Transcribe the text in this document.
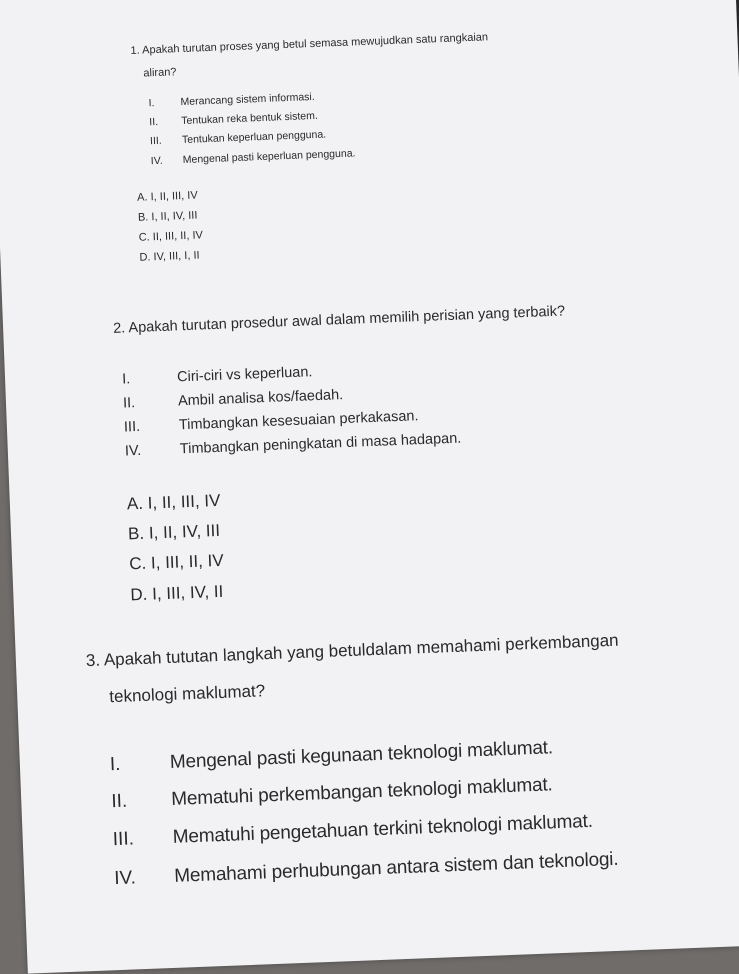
1. Apakah turutan proses yang betul semasa mewujudkan satu rangkaian
aliran?
I. Merancang sistem informasi.
II. Tentukan reka bentuk sistem.
III. Tentukan keperluan pengguna.
IV. Mengenal pasti keperluan pengguna.
A. I, II, III, IV
B. I, II, IV, III
C. II, III, II, IV
D. IV, III, I, II
2. Apakah turutan prosedur awal dalam memilih perisian yang terbaik?
I.	Ciri-ciri vs keperluan.
II.	Ambil analisa kos/faedah.
III.	Timbangkan kesesuaian perkakasan.
IV.	Timbangkan peningkatan di masa hadapan.
A. I, II, III, IV
B. I, II, IV, III
C. I, III, II, IV
D. I, III, IV, II
3. Apakah tututan langkah yang betuldalam memahami perkembangan
teknologi maklumat?
I.	Mengenal pasti kegunaan teknologi maklumat.
II. Mematuhi perkembangan teknologi maklumat.
III. Mematuhi pengetahuan terkini teknologi maklumat.
IV. Memahami perhubungan antara sistem dan teknologi.
